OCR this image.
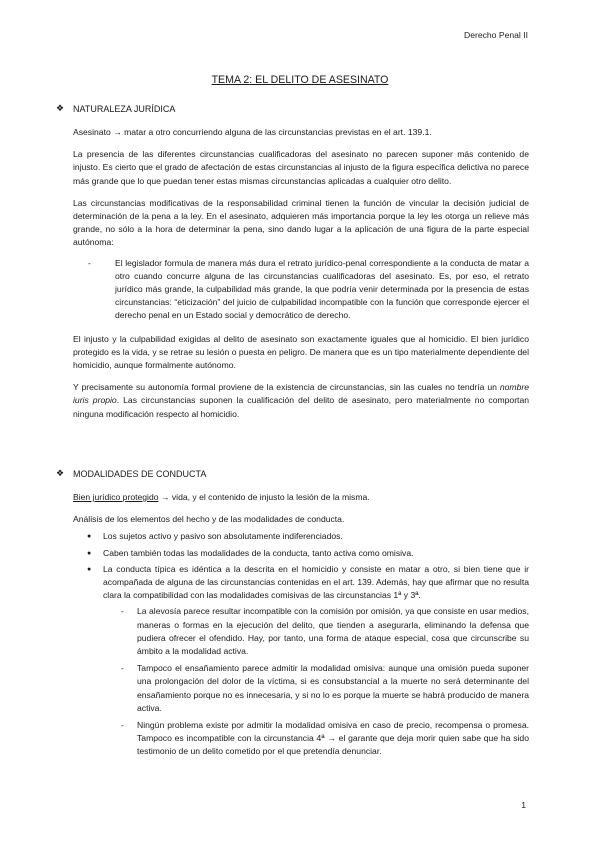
Derecho Penal II
TEMA 2: EL DELITO DE ASESINATO
❖ NATURALEZA JURÍDICA

Asesinato → matar a otro concurriendo alguna de las circunstancias previstas en el art. 139.1.

La presencia de las diferentes circunstancias cualificadoras del asesinato no parecen suponer más contenido de injusto. Es cierto que el grado de afectación de estas circunstancias al injusto de la figura específica delictiva no parece más grande que lo que puedan tener estas mismas circunstancias aplicadas a cualquier otro delito.

Las circunstancias modificativas de la responsabilidad criminal tienen la función de vincular la decisión judicial de determinación de la pena a la ley. En el asesinato, adquieren más importancia porque la ley les otorga un relieve más grande, no sólo a la hora de determinar la pena, sino dando lugar a la aplicación de una figura de la parte especial autónoma:

-	El legislador formula de manera más dura el retrato jurídico-penal correspondiente a la conducta de matar a otro cuando concurre alguna de las circunstancias cualificadoras del asesinato. Es, por eso, el retrato jurídico más grande, la culpabilidad más grande, la que podría venir determinada por la presencia de estas circunstancias: “eticización” del juicio de culpabilidad incompatible con la función que corresponde ejercer el derecho penal en un Estado social y democrático de derecho.

El injusto y la culpabilidad exigidas al delito de asesinato son exactamente iguales que al homicidio. El bien jurídico protegido es la vida, y se retrae su lesión o puesta en peligro. De manera que es un tipo materialmente dependiente del homicidio, aunque formalmente autónomo.

Y precisamente su autonomía formal proviene de la existencia de circunstancias, sin las cuales no tendría un nombre iuris propio. Las circunstancias suponen la cualificación del delito de asesinato, pero materialmente no comportan ninguna modificación respecto al homicidio.

❖ MODALIDADES DE CONDUCTA

Bien jurídico protegido → vida, y el contenido de injusto la lesión de la misma.

Análisis de los elementos del hecho y de las modalidades de conducta.

●	Los sujetos activo y pasivo son absolutamente indiferenciados.
●	Caben también todas las modalidades de la conducta, tanto activa como omisiva.
●	La conducta típica es idéntica a la descrita en el homicidio y consiste en matar a otro, si bien tiene que ir acompañada de alguna de las circunstancias contenidas en el art. 139. Además, hay que afirmar que no resulta clara la compatibilidad con las modalidades comisivas de las circunstancias 1ª y 3ª.
-	La alevosía parece resultar incompatible con la comisión por omisión, ya que consiste en usar medios, maneras o formas en la ejecución del delito, que tienden a asegurarla, eliminando la defensa que pudiera ofrecer el ofendido. Hay, por tanto, una forma de ataque especial, cosa que circunscribe su ámbito a la modalidad activa.
-	Tampoco el ensañamiento parece admitir la modalidad omisiva: aunque una omisión pueda suponer una prolongación del dolor de la víctima, si es consubstancial a la muerte no será determinante del ensañamiento porque no es innecesaria, y si no lo es porque la muerte se habrá producido de manera activa.
-	Ningún problema existe por admitir la modalidad omisiva en caso de precio, recompensa o promesa. Tampoco es incompatible con la circunstancia 4ª → el garante que deja morir quien sabe que ha sido testimonio de un delito cometido por el que pretendía denunciar.
1
